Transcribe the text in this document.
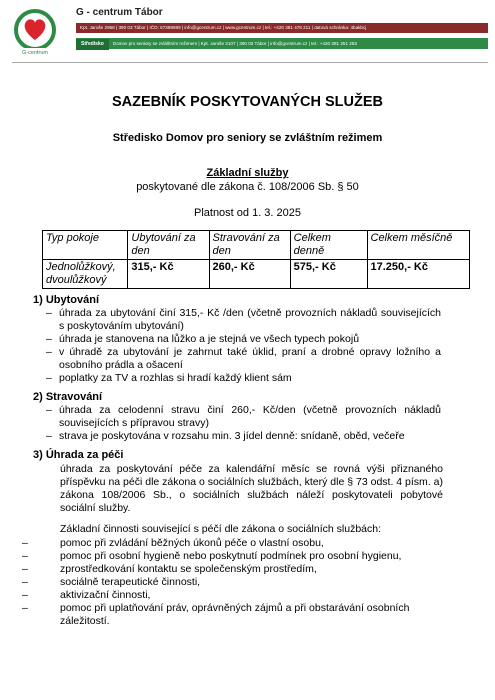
G·centrum
G - centrum Tábor
Kpt. Jaroše 2958 | 390 03 Tábor | IČO: 67389599 | info@gcentrum.cz | www.gcentrum.cz | tel.: +420 381 478 211 | datová schránka: 4bakbcj
Středisko Domov pro seniory se zvláštním režimem | Kpt. Jaroše 3107 | 390 03 Tábor | info@gcentrum.cz | tel.: +420 381 251 283
SAZEBNÍK POSKYTOVANÝCH SLUŽEB
Středisko Domov pro seniory se zvláštním režimem
Základní služby
poskytované dle zákona č. 108/2006 Sb. § 50
Platnost od 1. 3. 2025
Typ pokoje	Ubytování za den	Stravování za den	Celkem denně	Celkem měsíčně
Jednolůžkový, dvoulůžkový	315,- Kč	260,- Kč	575,- Kč	17.250,- Kč
1) Ubytování
– úhrada za ubytování činí 315,- Kč /den (včetně provozních nákladů souvisejících s poskytováním ubytování)
– úhrada je stanovena na lůžko a je stejná ve všech typech pokojů
– v úhradě za ubytování je zahrnut také úklid, praní a drobné opravy ložního a osobního prádla a ošacení
– poplatky za TV a rozhlas si hradí každý klient sám
2) Stravování
– úhrada za celodenní stravu činí 260,- Kč/den (včetně provozních nákladů souvisejících s přípravou stravy)
– strava je poskytována v rozsahu min. 3 jídel denně: snídaně, oběd, večeře
3) Úhrada za péči
úhrada za poskytování péče za kalendářní měsíc se rovná výši přiznaného příspěvku na péči dle zákona o sociálních službách, který dle § 73 odst. 4 písm. a) zákona 108/2006 Sb., o sociálních službách náleží poskytovateli pobytové sociální služby.
Základní činnosti související s péčí dle zákona o sociálních službách:
– pomoc při zvládání běžných úkonů péče o vlastní osobu,
– pomoc při osobní hygieně nebo poskytnutí podmínek pro osobní hygienu,
– zprostředkování kontaktu se společenským prostředím,
– sociálně terapeutické činnosti,
– aktivizační činnosti,
– pomoc při uplatňování práv, oprávněných zájmů a při obstarávání osobních záležitostí.
